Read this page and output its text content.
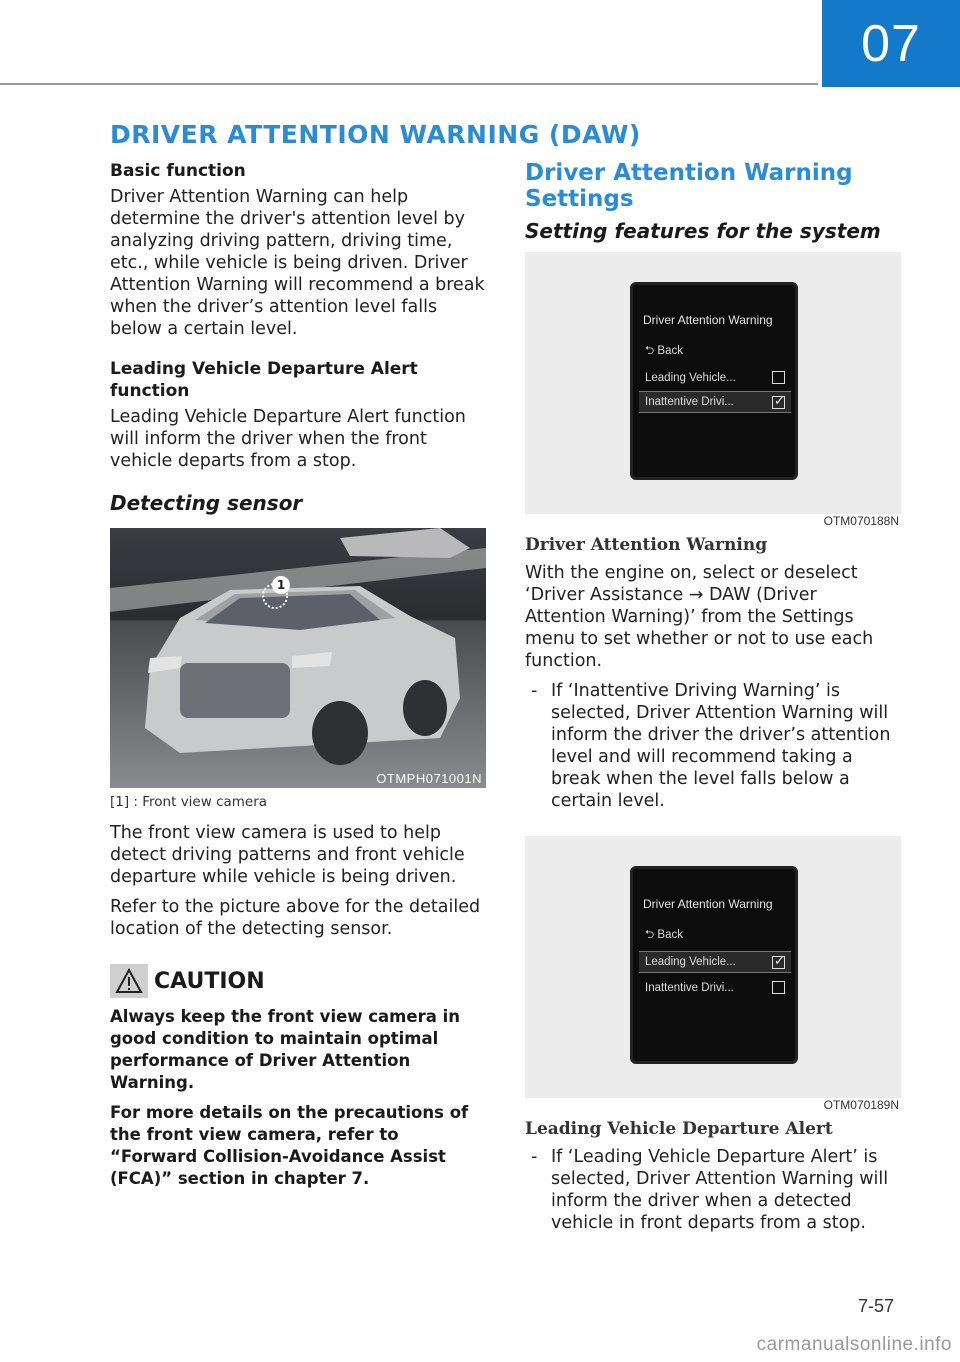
07
DRIVER ATTENTION WARNING (DAW)
Basic function
Driver Attention Warning can help determine the driver's attention level by analyzing driving pattern, driving time, etc., while vehicle is being driven. Driver Attention Warning will recommend a break when the driver’s attention level falls below a certain level.
Leading Vehicle Departure Alert function
Leading Vehicle Departure Alert function will inform the driver when the front vehicle departs from a stop.
Detecting sensor
1
OTMPH071001N
[1] : Front view camera
The front view camera is used to help detect driving patterns and front vehicle departure while vehicle is being driven.
Refer to the picture above for the detailed location of the detecting sensor.
CAUTION
Always keep the front view camera in good condition to maintain optimal performance of Driver Attention Warning.
For more details on the precautions of the front view camera, refer to “Forward Collision-Avoidance Assist (FCA)” section in chapter 7.
Driver Attention Warning Settings
Setting features for the system
Driver Attention Warning
⮌ Back
Leading Vehicle...
Inattentive Drivi...
✓
OTM070188N
Driver Attention Warning
With the engine on, select or deselect ‘Driver Assistance → DAW (Driver Attention Warning)’ from the Settings menu to set whether or not to use each function.
- If ‘Inattentive Driving Warning’ is selected, Driver Attention Warning will inform the driver the driver’s attention level and will recommend taking a break when the level falls below a certain level.
Driver Attention Warning
⮌ Back
Leading Vehicle...
✓
Inattentive Drivi...
OTM070189N
Leading Vehicle Departure Alert
- If ‘Leading Vehicle Departure Alert’ is selected, Driver Attention Warning will inform the driver when a detected vehicle in front departs from a stop.
7-57
carmanualsonline.info
